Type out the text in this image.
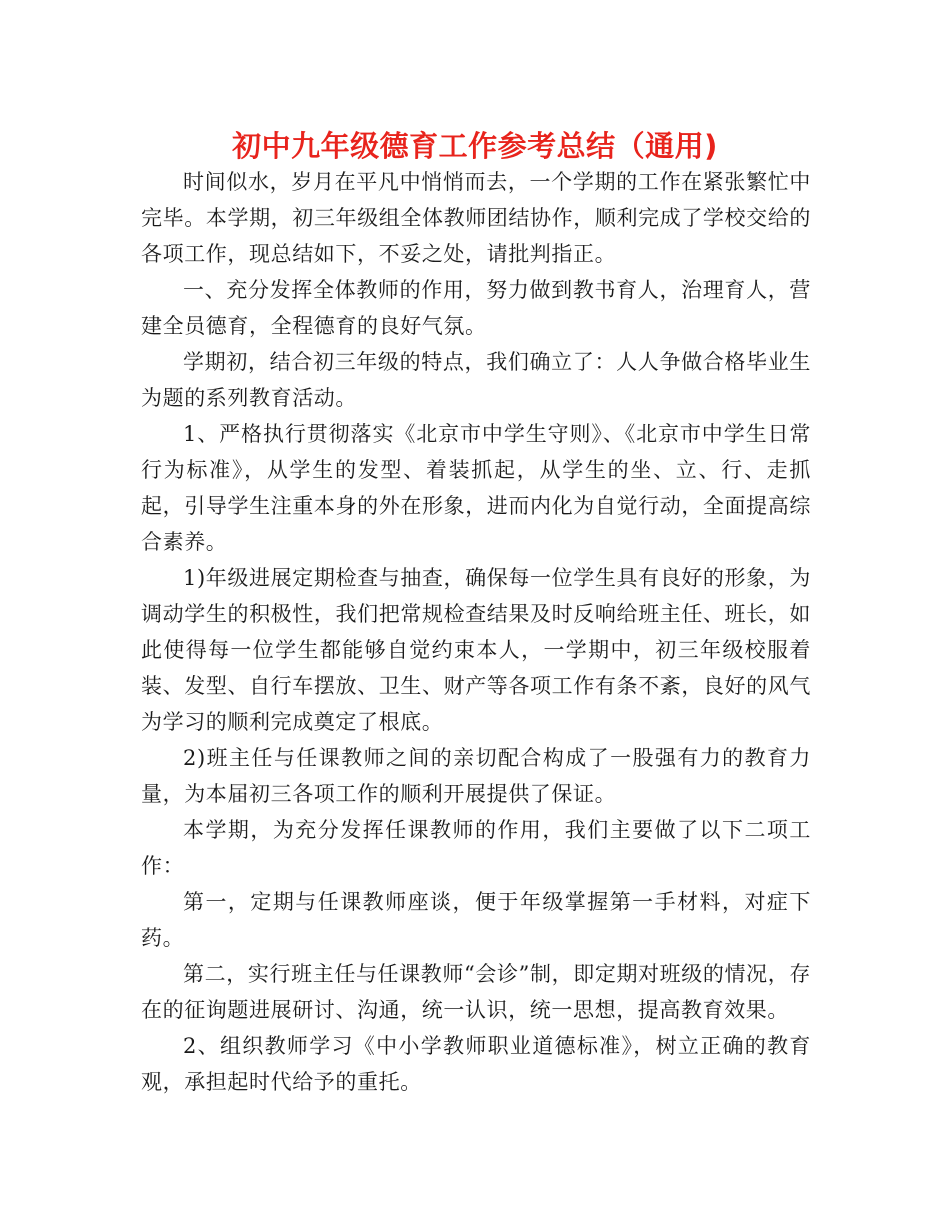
初中九年级德育工作参考总结（通用)

时间似水，岁月在平凡中悄悄而去，一个学期的工作在紧张繁忙中完毕。本学期，初三年级组全体教师团结协作，顺利完成了学校交给的各项工作，现总结如下，不妥之处，请批判指正。

一、充分发挥全体教师的作用，努力做到教书育人，治理育人，营建全员德育，全程德育的良好气氛。

学期初，结合初三年级的特点，我们确立了：人人争做合格毕业生为题的系列教育活动。

1、严格执行贯彻落实《北京市中学生守则》、《北京市中学生日常行为标准》，从学生的发型、着装抓起，从学生的坐、立、行、走抓起，引导学生注重本身的外在形象，进而内化为自觉行动，全面提高综合素养。

1)年级进展定期检查与抽查，确保每一位学生具有良好的形象，为调动学生的积极性，我们把常规检查结果及时反响给班主任、班长，如此使得每一位学生都能够自觉约束本人，一学期中，初三年级校服着装、发型、自行车摆放、卫生、财产等各项工作有条不紊，良好的风气为学习的顺利完成奠定了根底。

2)班主任与任课教师之间的亲切配合构成了一股强有力的教育力量，为本届初三各项工作的顺利开展提供了保证。

本学期，为充分发挥任课教师的作用，我们主要做了以下二项工作：

第一，定期与任课教师座谈，便于年级掌握第一手材料，对症下药。

第二，实行班主任与任课教师“会诊”制，即定期对班级的情况，存在的征询题进展研讨、沟通，统一认识，统一思想，提高教育效果。

2、组织教师学习《中小学教师职业道德标准》，树立正确的教育观，承担起时代给予的重托。
